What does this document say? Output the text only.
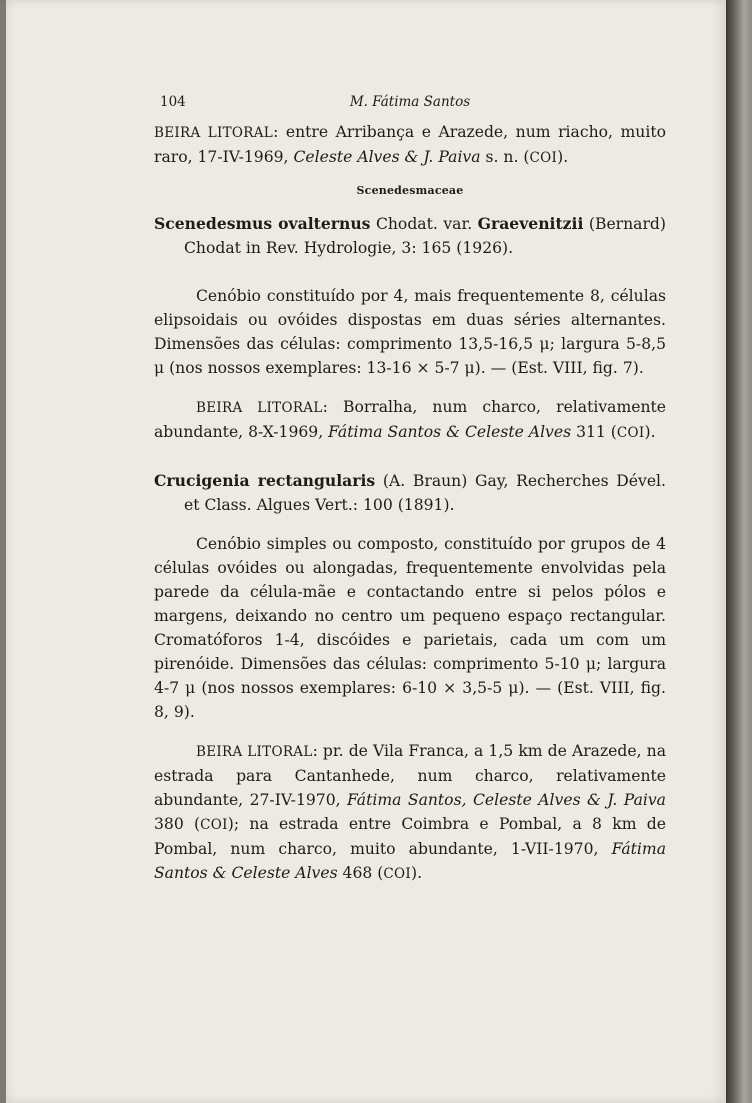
104	M. Fátima Santos

BEIRA LITORAL: entre Arribança e Arazede, num riacho, muito raro, 17-IV-1969, Celeste Alves & J. Paiva s. n. (COI).

Scenedesmaceae

Scenedesmus ovalternus Chodat. var. Graevenitzii (Bernard) Chodat in Rev. Hydrologie, 3: 165 (1926).

Cenóbio constituído por 4, mais frequentemente 8, células elipsoidais ou ovóides dispostas em duas séries alternantes. Dimensões das células: comprimento 13,5-16,5 μ; largura 5-8,5 μ (nos nossos exemplares: 13-16 × 5-7 μ). — (Est. VIII, fig. 7).

BEIRA LITORAL: Borralha, num charco, relativamente abundante, 8-X-1969, Fátima Santos & Celeste Alves 311 (COI).

Crucigenia rectangularis (A. Braun) Gay, Recherches Dével. et Class. Algues Vert.: 100 (1891).

Cenóbio simples ou composto, constituído por grupos de 4 células ovóides ou alongadas, frequentemente envolvidas pela parede da célula-mãe e contactando entre si pelos pólos e margens, deixando no centro um pequeno espaço rectangular. Cromatóforos 1-4, discóides e parietais, cada um com um pirenóide. Dimensões das células: comprimento 5-10 μ; largura 4-7 μ (nos nossos exemplares: 6-10 × 3,5-5 μ). — (Est. VIII, fig. 8, 9).

BEIRA LITORAL: pr. de Vila Franca, a 1,5 km de Arazede, na estrada para Cantanhede, num charco, relativamente abundante, 27-IV-1970, Fátima Santos, Celeste Alves & J. Paiva 380 (COI); na estrada entre Coimbra e Pombal, a 8 km de Pombal, num charco, muito abundante, 1-VII-1970, Fátima Santos & Celeste Alves 468 (COI).
